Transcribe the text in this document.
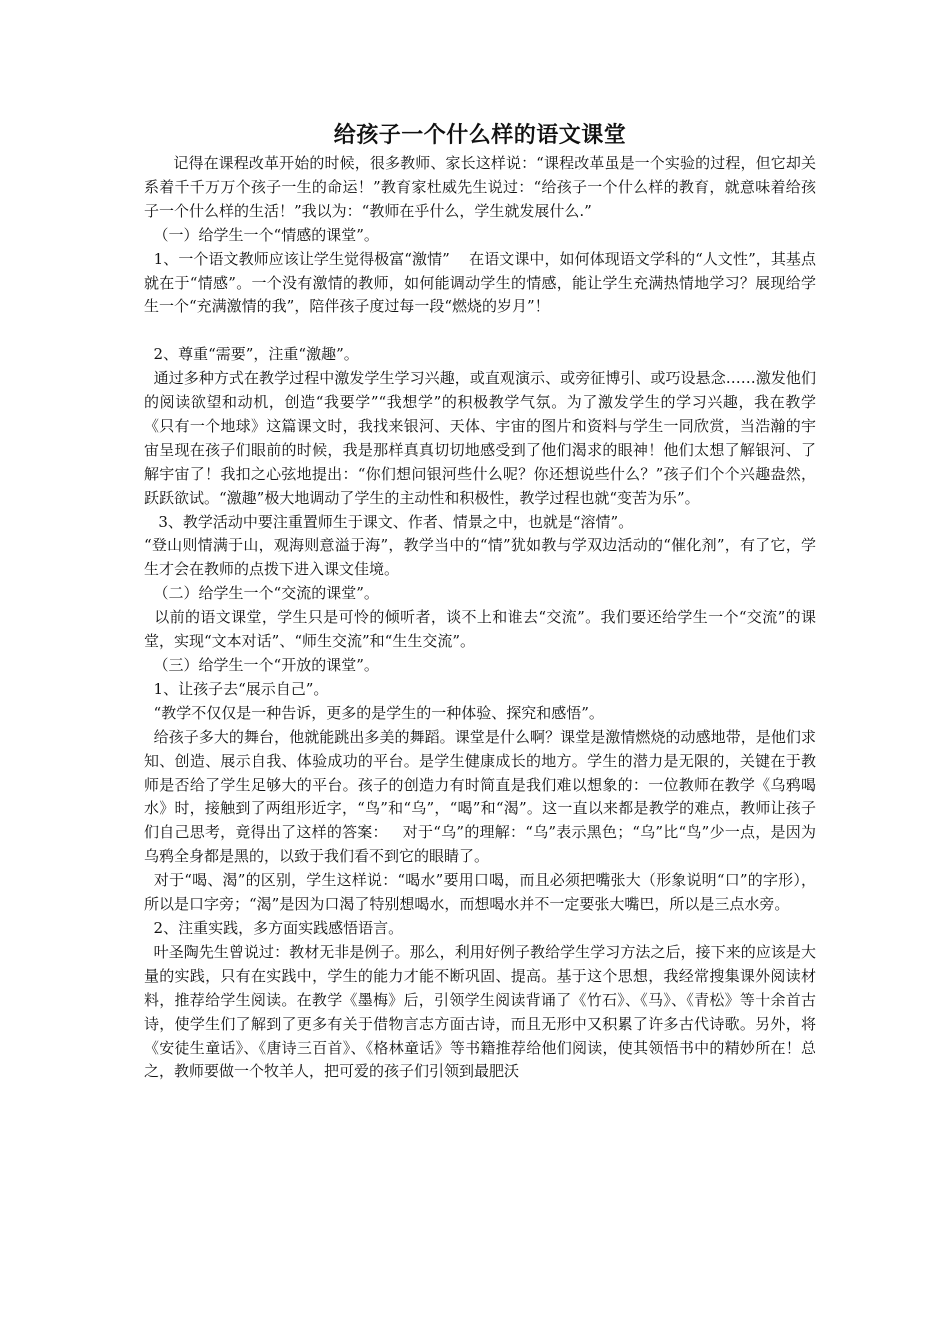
给孩子一个什么样的语文课堂

记得在课程改革开始的时候，很多教师、家长这样说：“课程改革虽是一个实验的过程，但它却关系着千千万万个孩子一生的命运！”教育家杜威先生说过：“给孩子一个什么样的教育，就意味着给孩子一个什么样的生活！”我以为：“教师在乎什么，学生就发展什么.”

（一）给学生一个“情感的课堂”。

1、一个语文教师应该让学生觉得极富“激情”    在语文课中，如何体现语文学科的“人文性”，其基点就在于“情感”。一个没有激情的教师，如何能调动学生的情感，能让学生充满热情地学习？展现给学生一个“充满激情的我”，陪伴孩子度过每一段“燃烧的岁月”！

2、尊重“需要”，注重“激趣”。

通过多种方式在教学过程中激发学生学习兴趣，或直观演示、或旁征博引、或巧设悬念……激发他们的阅读欲望和动机，创造“我要学”“我想学”的积极教学气氛。为了激发学生的学习兴趣，我在教学《只有一个地球》这篇课文时，我找来银河、天体、宇宙的图片和资料与学生一同欣赏，当浩瀚的宇宙呈现在孩子们眼前的时候，我是那样真真切切地感受到了他们渴求的眼神！他们太想了解银河、了解宇宙了！我扣之心弦地提出：“你们想问银河些什么呢？你还想说些什么？”孩子们个个兴趣盎然，跃跃欲试。“激趣”极大地调动了学生的主动性和积极性，教学过程也就“变苦为乐”。

3、教学活动中要注重置师生于课文、作者、情景之中，也就是“溶情”。

“登山则情满于山，观海则意溢于海”，教学当中的“情”犹如教与学双边活动的“催化剂”，有了它，学生才会在教师的点拨下进入课文佳境。

（二）给学生一个“交流的课堂”。

以前的语文课堂，学生只是可怜的倾听者，谈不上和谁去“交流”。我们要还给学生一个“交流”的课堂，实现“文本对话”、“师生交流”和“生生交流”。

（三）给学生一个“开放的课堂”。

1、让孩子去“展示自己”。

“教学不仅仅是一种告诉，更多的是学生的一种体验、探究和感悟”。

给孩子多大的舞台，他就能跳出多美的舞蹈。课堂是什么啊？课堂是激情燃烧的动感地带，是他们求知、创造、展示自我、体验成功的平台。是学生健康成长的地方。学生的潜力是无限的，关键在于教师是否给了学生足够大的平台。孩子的创造力有时简直是我们难以想象的：一位教师在教学《乌鸦喝水》时，接触到了两组形近字，“鸟”和“乌”，“喝”和“渴”。这一直以来都是教学的难点，教师让孩子们自己思考，竟得出了这样的答案：   对于“乌”的理解：“乌”表示黑色；“乌”比“鸟”少一点，是因为乌鸦全身都是黑的，以致于我们看不到它的眼睛了。

对于“喝、渴”的区别，学生这样说：“喝水”要用口喝，而且必须把嘴张大（形象说明“口”的字形），所以是口字旁；“渴”是因为口渴了特别想喝水，而想喝水并不一定要张大嘴巴，所以是三点水旁。

2、注重实践，多方面实践感悟语言。

叶圣陶先生曾说过：教材无非是例子。那么，利用好例子教给学生学习方法之后，接下来的应该是大量的实践，只有在实践中，学生的能力才能不断巩固、提高。基于这个思想，我经常搜集课外阅读材料，推荐给学生阅读。在教学《墨梅》后，引领学生阅读背诵了《竹石》、《马》、《青松》等十余首古诗，使学生们了解到了更多有关于借物言志方面古诗，而且无形中又积累了许多古代诗歌。另外，将《安徒生童话》、《唐诗三百首》、《格林童话》等书籍推荐给他们阅读，使其领悟书中的精妙所在！总之，教师要做一个牧羊人，把可爱的孩子们引领到最肥沃
